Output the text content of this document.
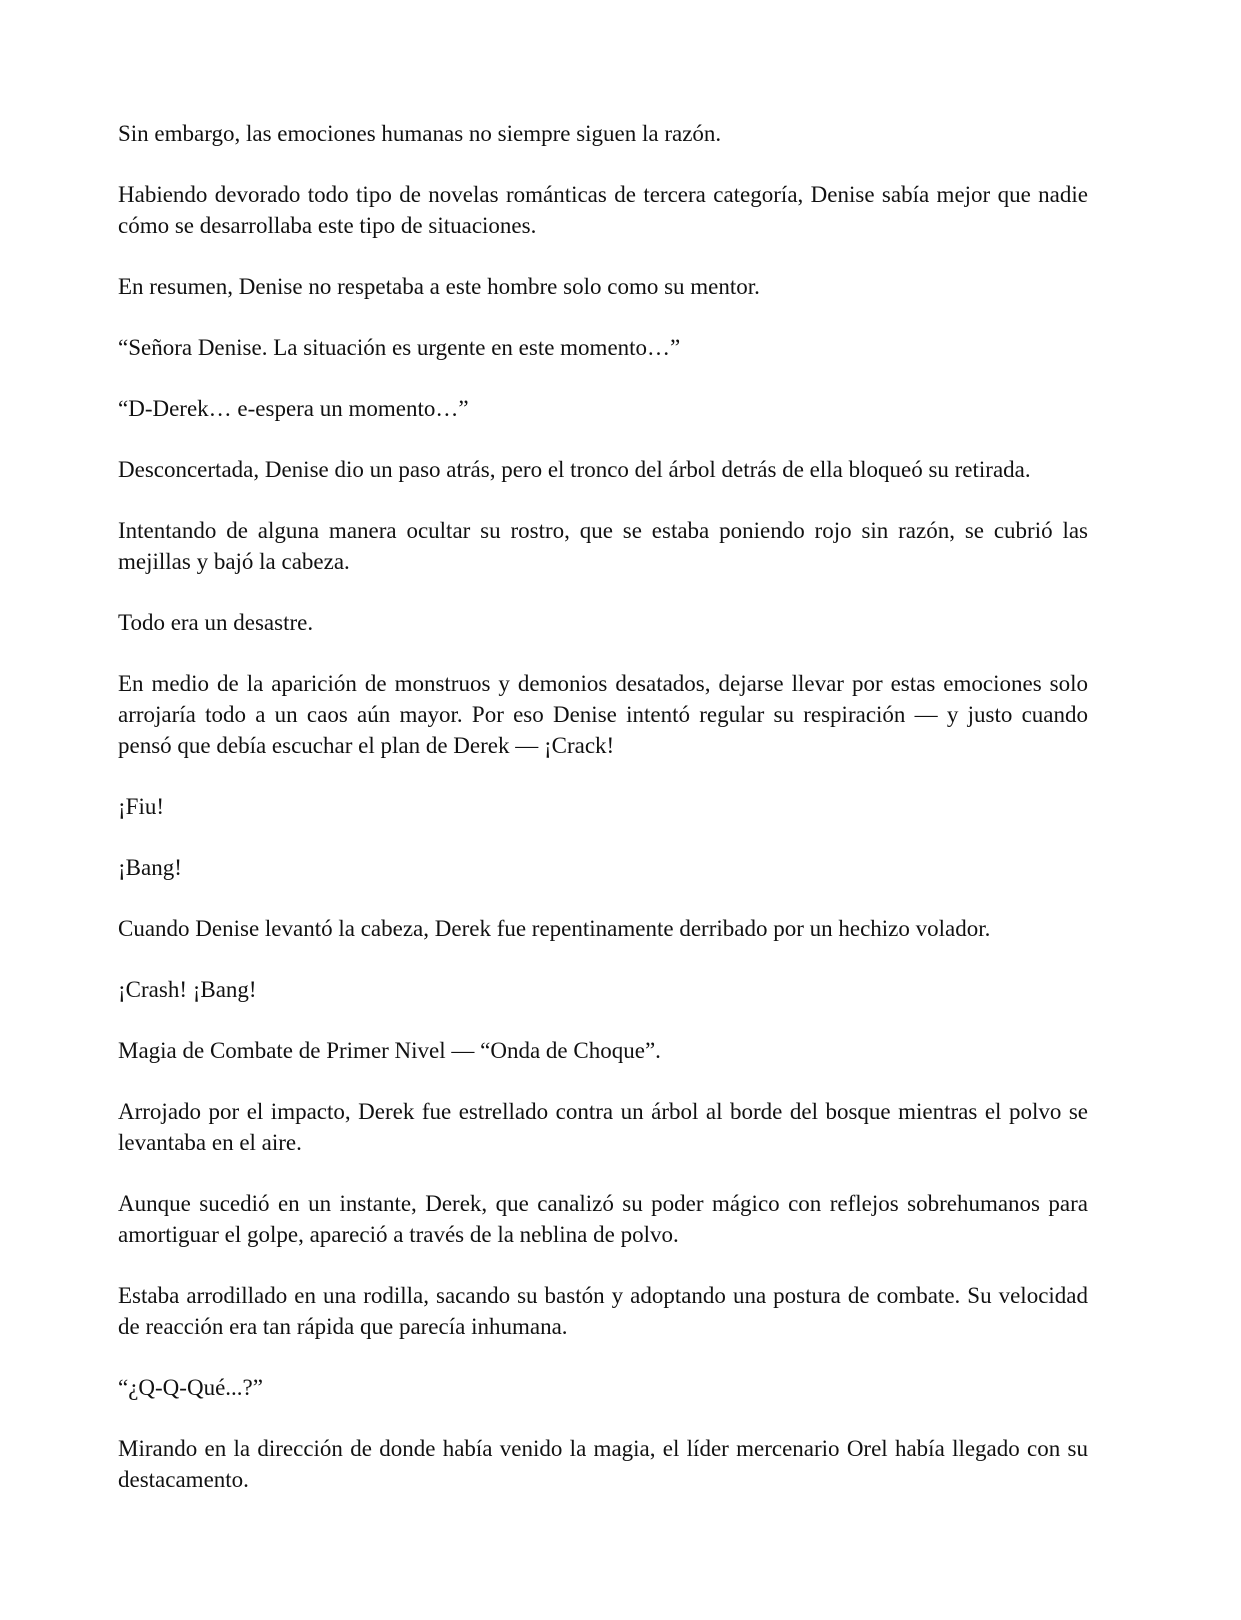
Sin embargo, las emociones humanas no siempre siguen la razón.

Habiendo devorado todo tipo de novelas románticas de tercera categoría, Denise sabía mejor que nadie cómo se desarrollaba este tipo de situaciones.

En resumen, Denise no respetaba a este hombre solo como su mentor.

“Señora Denise. La situación es urgente en este momento…”

“D-Derek… e-espera un momento…”

Desconcertada, Denise dio un paso atrás, pero el tronco del árbol detrás de ella bloqueó su retirada.

Intentando de alguna manera ocultar su rostro, que se estaba poniendo rojo sin razón, se cubrió las mejillas y bajó la cabeza.

Todo era un desastre.

En medio de la aparición de monstruos y demonios desatados, dejarse llevar por estas emociones solo arrojaría todo a un caos aún mayor. Por eso Denise intentó regular su respiración — y justo cuando pensó que debía escuchar el plan de Derek — ¡Crack!

¡Fiu!

¡Bang!

Cuando Denise levantó la cabeza, Derek fue repentinamente derribado por un hechizo volador.

¡Crash! ¡Bang!

Magia de Combate de Primer Nivel — “Onda de Choque”.

Arrojado por el impacto, Derek fue estrellado contra un árbol al borde del bosque mientras el polvo se levantaba en el aire.

Aunque sucedió en un instante, Derek, que canalizó su poder mágico con reflejos sobrehumanos para amortiguar el golpe, apareció a través de la neblina de polvo.

Estaba arrodillado en una rodilla, sacando su bastón y adoptando una postura de combate. Su velocidad de reacción era tan rápida que parecía inhumana.

“¿Q-Q-Qué...?”

Mirando en la dirección de donde había venido la magia, el líder mercenario Orel había llegado con su destacamento.
